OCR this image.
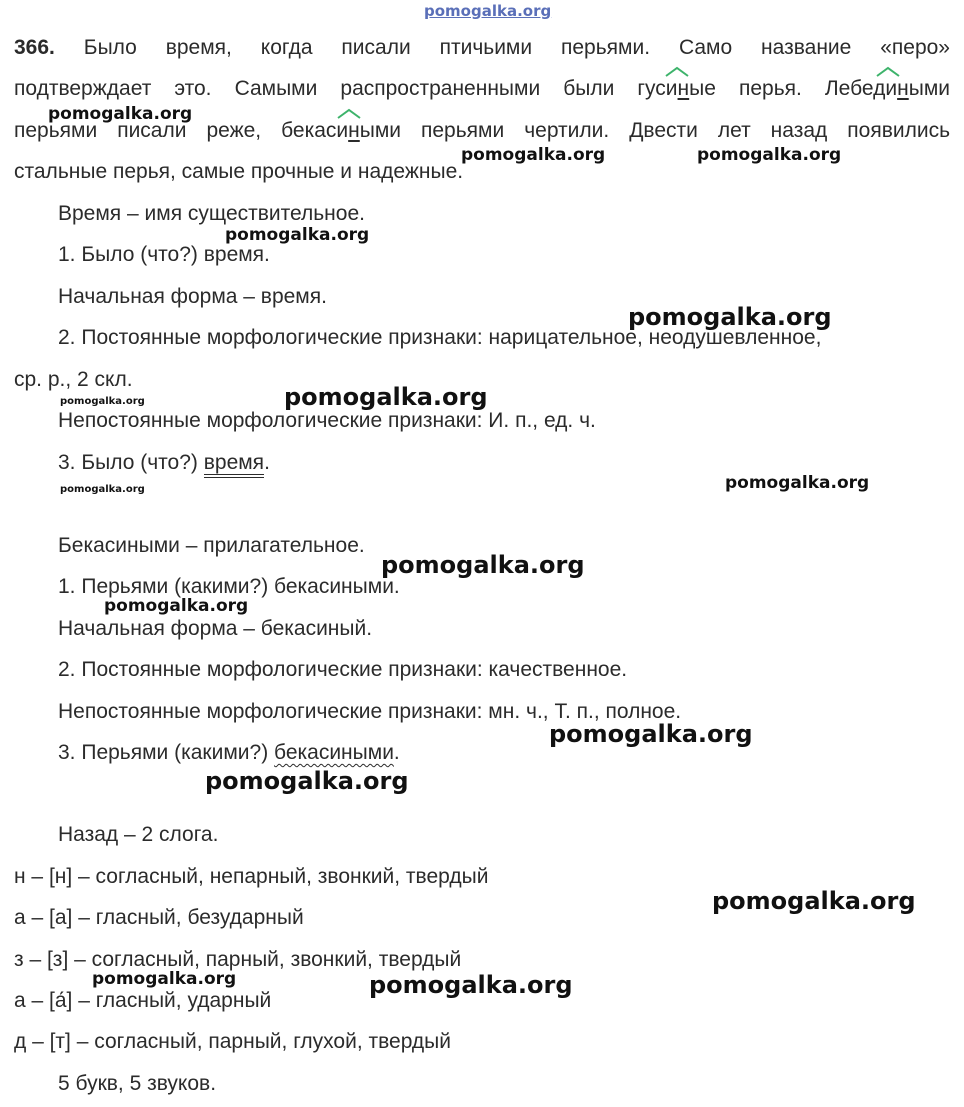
pomogalka.org
366. Было время, когда писали птичьими перьями. Само название «перо»
подтверждает это. Самыми распространенными были гусиные перья. Лебедиными
перьями писали реже, бекасиными перьями чертили. Двести лет назад появились
стальные перья, самые прочные и надежные.
Время – имя существительное.
1. Было (что?) время.
Начальная форма – время.
2. Постоянные морфологические признаки: нарицательное, неодушевленное,
ср. р., 2 скл.
Непостоянные морфологические признаки: И. п., ед. ч.
3. Было (что?) время.
Бекасиными – прилагательное.
1. Перьями (какими?) бекасиными.
Начальная форма – бекасиный.
2. Постоянные морфологические признаки: качественное.
Непостоянные морфологические признаки: мн. ч., Т. п., полное.
3. Перьями (какими?) бекасиными.
Назад – 2 слога.
н – [н] – согласный, непарный, звонкий, твердый
а – [а] – гласный, безударный
з – [з] – согласный, парный, звонкий, твердый
а – [а́] – гласный, ударный
д – [т] – согласный, парный, глухой, твердый
5 букв, 5 звуков.
pomogalka.org
pomogalka.org	pomogalka.org
pomogalka.org
pomogalka.org
pomogalka.org	pomogalka.org
pomogalka.org	pomogalka.org
pomogalka.org
pomogalka.org
pomogalka.org
pomogalka.org
pomogalka.org
pomogalka.org	pomogalka.org
